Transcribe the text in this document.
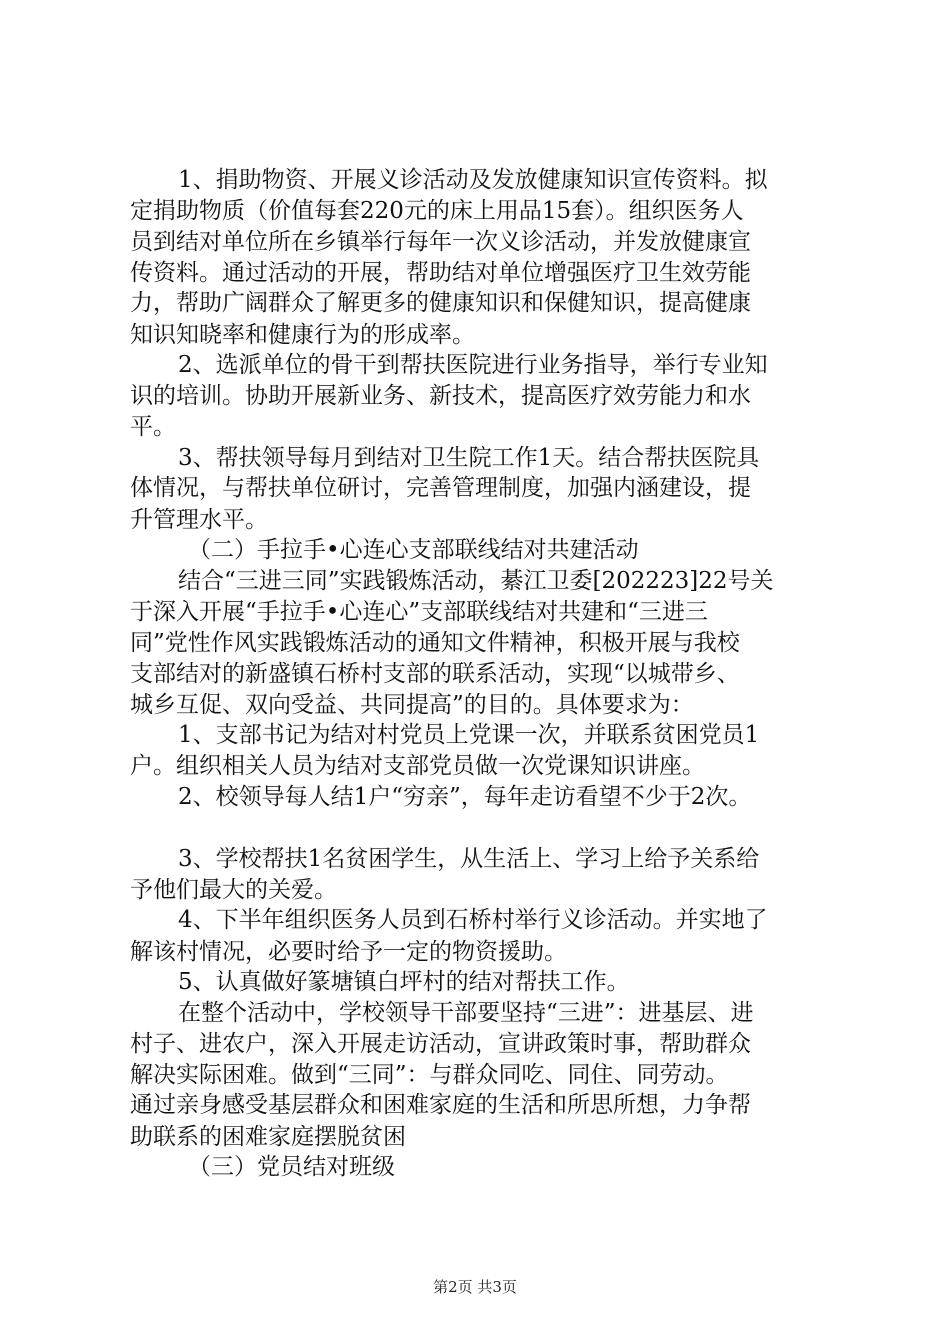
1、捐助物资、开展义诊活动及发放健康知识宣传资料。拟
定捐助物质（价值每套220元的床上用品15套）。组织医务人
员到结对单位所在乡镇举行每年一次义诊活动，并发放健康宣
传资料。通过活动的开展，帮助结对单位增强医疗卫生效劳能
力，帮助广阔群众了解更多的健康知识和保健知识，提高健康
知识知晓率和健康行为的形成率。
2、选派单位的骨干到帮扶医院进行业务指导，举行专业知
识的培训。协助开展新业务、新技术，提高医疗效劳能力和水
平。
3、帮扶领导每月到结对卫生院工作1天。结合帮扶医院具
体情况，与帮扶单位研讨，完善管理制度，加强内涵建设，提
升管理水平。
（二）手拉手•心连心支部联线结对共建活动
结合“三进三同”实践锻炼活动，綦江卫委[202223]22号关
于深入开展“手拉手•心连心”支部联线结对共建和“三进三
同”党性作风实践锻炼活动的通知文件精神，积极开展与我校
支部结对的新盛镇石桥村支部的联系活动，实现“以城带乡、
城乡互促、双向受益、共同提高”的目的。具体要求为：
1、支部书记为结对村党员上党课一次，并联系贫困党员1
户。组织相关人员为结对支部党员做一次党课知识讲座。
2、校领导每人结1户“穷亲”，每年走访看望不少于2次。
3、学校帮扶1名贫困学生，从生活上、学习上给予关系给
予他们最大的关爱。
4、下半年组织医务人员到石桥村举行义诊活动。并实地了
解该村情况，必要时给予一定的物资援助。
5、认真做好篆塘镇白坪村的结对帮扶工作。
在整个活动中，学校领导干部要坚持“三进”：进基层、进
村子、进农户，深入开展走访活动，宣讲政策时事，帮助群众
解决实际困难。做到“三同”：与群众同吃、同住、同劳动。
通过亲身感受基层群众和困难家庭的生活和所思所想，力争帮
助联系的困难家庭摆脱贫困
（三）党员结对班级
第2页 共3页
